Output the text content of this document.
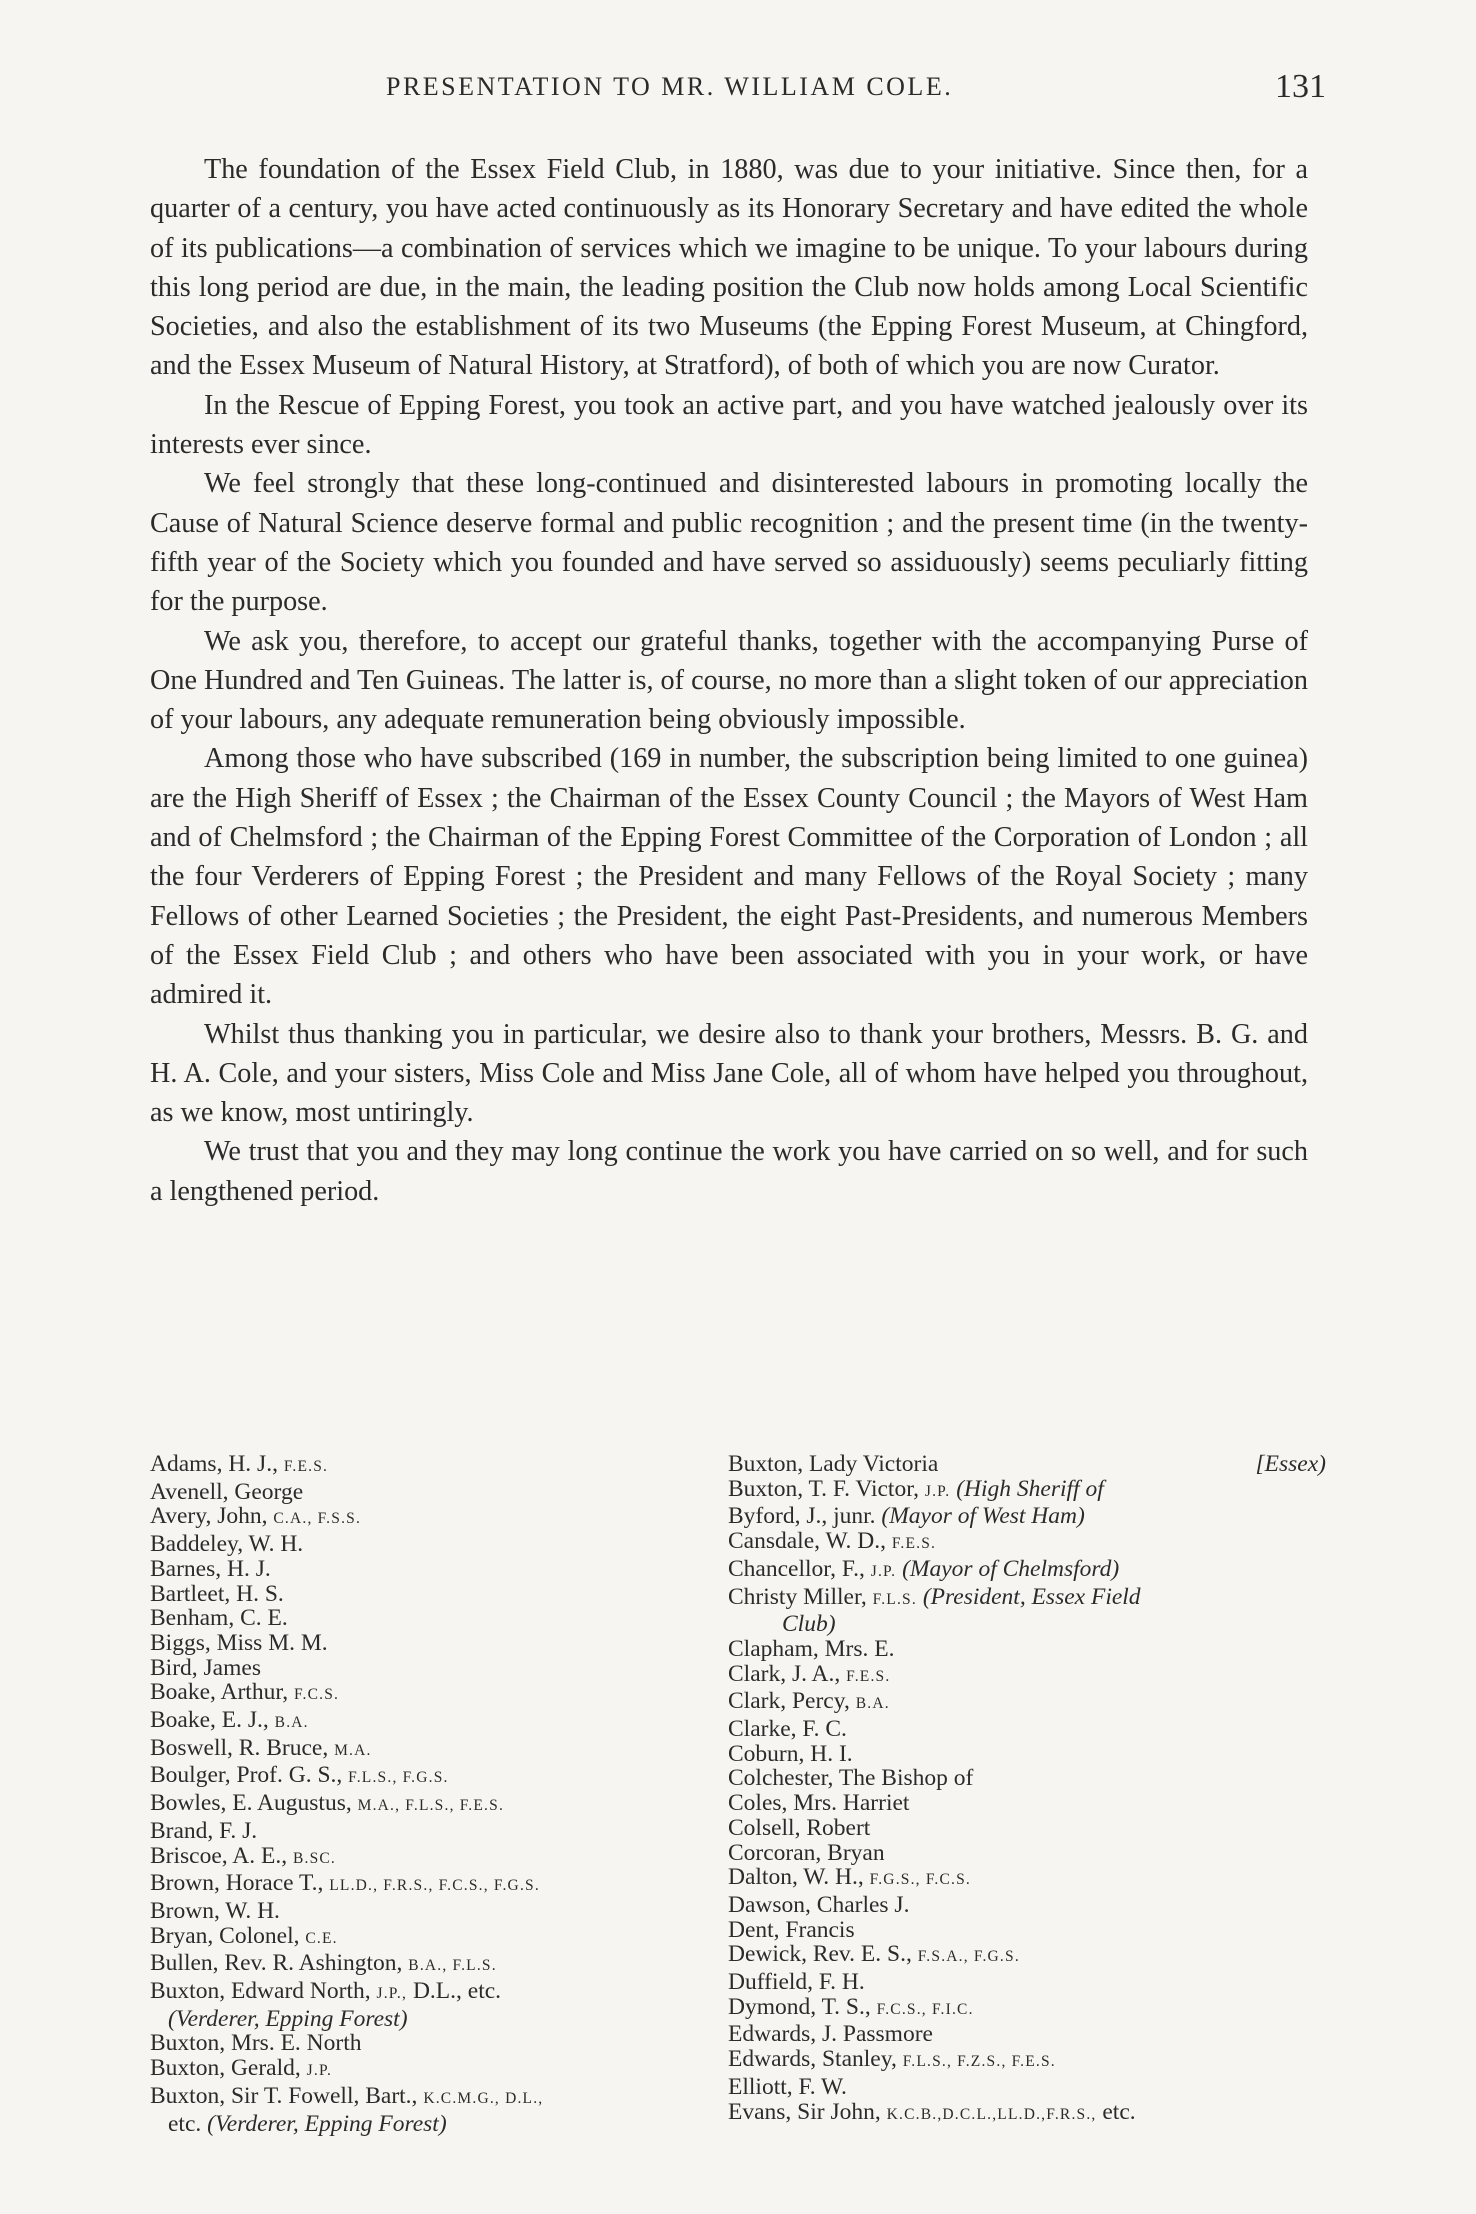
PRESENTATION TO MR. WILLIAM COLE.	131

The foundation of the Essex Field Club, in 1880, was due to your initiative. Since then, for a quarter of a century, you have acted continuously as its Honorary Secretary and have edited the whole of its publications—a combination of services which we imagine to be unique. To your labours during this long period are due, in the main, the leading position the Club now holds among Local Scientific Societies, and also the establishment of its two Museums (the Epping Forest Museum, at Chingford, and the Essex Museum of Natural History, at Stratford), of both of which you are now Curator.

In the Rescue of Epping Forest, you took an active part, and you have watched jealously over its interests ever since.

We feel strongly that these long-continued and disinterested labours in promoting locally the Cause of Natural Science deserve formal and public recognition ; and the present time (in the twenty-fifth year of the Society which you founded and have served so assiduously) seems peculiarly fitting for the purpose.

We ask you, therefore, to accept our grateful thanks, together with the accompanying Purse of One Hundred and Ten Guineas. The latter is, of course, no more than a slight token of our appreciation of your labours, any adequate remuneration being obviously impossible.

Among those who have subscribed (169 in number, the subscription being limited to one guinea) are the High Sheriff of Essex ; the Chairman of the Essex County Council ; the Mayors of West Ham and of Chelmsford ; the Chairman of the Epping Forest Committee of the Corporation of London ; all the four Verderers of Epping Forest ; the President and many Fellows of the Royal Society ; many Fellows of other Learned Societies ; the President, the eight Past-Presidents, and numerous Members of the Essex Field Club ; and others who have been associated with you in your work, or have admired it.

Whilst thus thanking you in particular, we desire also to thank your brothers, Messrs. B. G. and H. A. Cole, and your sisters, Miss Cole and Miss Jane Cole, all of whom have helped you throughout, as we know, most untiringly.

We trust that you and they may long continue the work you have carried on so well, and for such a lengthened period.

Adams, H. J., F.E.S.
Avenell, George
Avery, John, C.A., F.S.S.
Baddeley, W. H.
Barnes, H. J.
Bartleet, H. S.
Benham, C. E.
Biggs, Miss M. M.
Bird, James
Boake, Arthur, F.C.S.
Boake, E. J., B.A.
Boswell, R. Bruce, M.A.
Boulger, Prof. G. S., F.L.S., F.G.S.
Bowles, E. Augustus, M.A., F.L.S., F.E.S.
Brand, F. J.
Briscoe, A. E., B.SC.
Brown, Horace T., LL.D., F.R.S., F.C.S., F.G.S.
Brown, W. H.
Bryan, Colonel, C.E.
Bullen, Rev. R. Ashington, B.A., F.L.S.
Buxton, Edward North, J.P., D.L., etc.
(Verderer, Epping Forest)
Buxton, Mrs. E. North
Buxton, Gerald, J.P.
Buxton, Sir T. Fowell, Bart., K.C.M.G., D.L.,
etc. (Verderer, Epping Forest)
Buxton, Lady Victoria	[Essex)
Buxton, T. F. Victor, J.P. (High Sheriff of
Byford, J., junr. (Mayor of West Ham)
Cansdale, W. D., F.E.S.
Chancellor, F., J.P. (Mayor of Chelmsford)
Christy Miller, F.L.S. (President, Essex Field
Club)
Clapham, Mrs. E.
Clark, J. A., F.E.S.
Clark, Percy, B.A.
Clarke, F. C.
Coburn, H. I.
Colchester, The Bishop of
Coles, Mrs. Harriet
Colsell, Robert
Corcoran, Bryan
Dalton, W. H., F.G.S., F.C.S.
Dawson, Charles J.
Dent, Francis
Dewick, Rev. E. S., F.S.A., F.G.S.
Duffield, F. H.
Dymond, T. S., F.C.S., F.I.C.
Edwards, J. Passmore
Edwards, Stanley, F.L.S., F.Z.S., F.E.S.
Elliott, F. W.
Evans, Sir John, K.C.B.,D.C.L.,LL.D.,F.R.S., etc.
